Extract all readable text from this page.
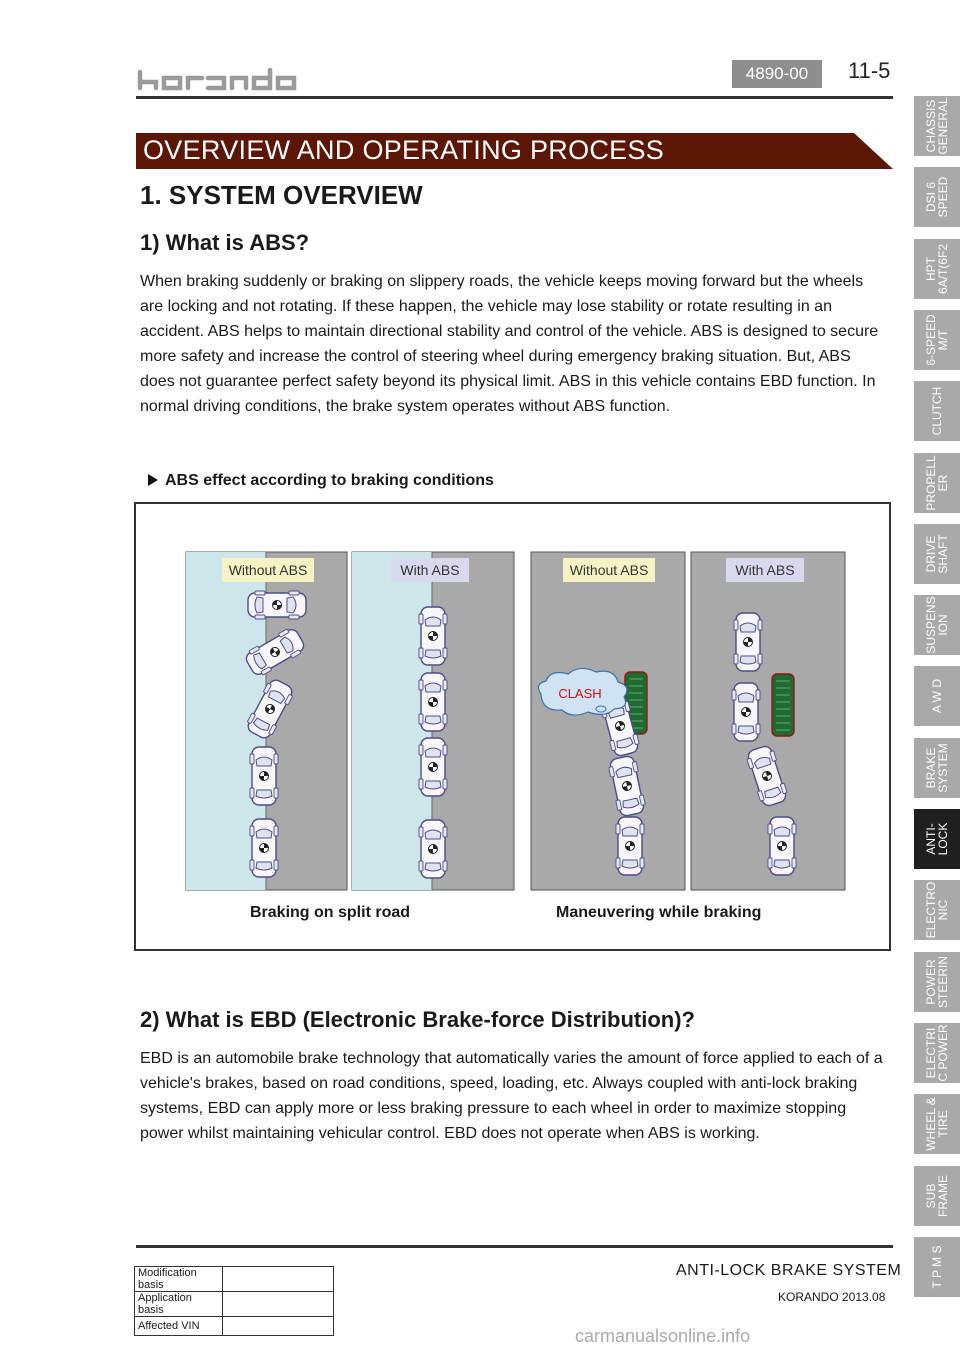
4890-00	11-5
OVERVIEW AND OPERATING PROCESS
1. SYSTEM OVERVIEW
1) What is ABS?

When braking suddenly or braking on slippery roads, the vehicle keeps moving forward but the wheels are locking and not rotating. If these happen, the vehicle may lose stability or rotate resulting in an accident. ABS helps to maintain directional stability and control of the vehicle. ABS is designed to secure more safety and increase the control of steering wheel during emergency braking situation. But, ABS does not guarantee perfect safety beyond its physical limit. ABS in this vehicle contains EBD function. In normal driving conditions, the brake system operates without ABS function.

ABS effect according to braking conditions
CLASH
Without ABS	With ABS	Without ABS	With ABS
Braking on split road	Maneuvering while braking
2) What is EBD (Electronic Brake-force Distribution)?

EBD is an automobile brake technology that automatically varies the amount of force applied to each of a vehicle's brakes, based on road conditions, speed, loading, etc. Always coupled with anti-lock braking systems, EBD can apply more or less braking pressure to each wheel in order to maximize stopping power whilst maintaining vehicular control. EBD does not operate when ABS is working.

Modification basis	
Application basis	
Affected VIN	
ANTI-LOCK BRAKE SYSTEM
KORANDO 2013.08
carmanualsonline.info
CHASSIS
GENERAL
DSI 6
SPEED
HPT
6A/T(6F2
6-SPEED
M/T
CLUTCH
PROPELL
ER
DRIVE
SHAFT
SUSPENS
ION
A W D
BRAKE
SYSTEM
ANTI-
LOCK
ELECTRO
NIC
POWER
STEERIN
ELECTRI
C POWER
WHEEL &
TIRE
SUB
FRAME
T P M S
